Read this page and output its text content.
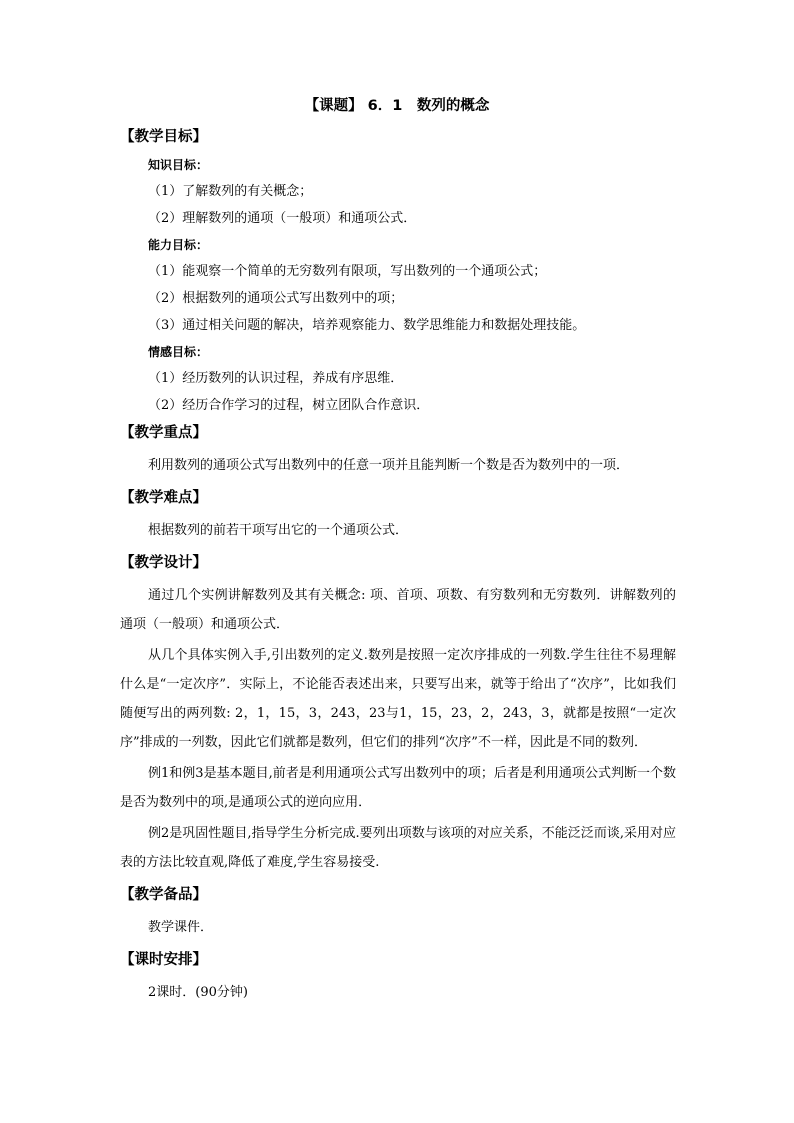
【课题】 6．1　数列的概念
【教学目标】
知识目标：
（1）了解数列的有关概念；
（2）理解数列的通项（一般项）和通项公式．
能力目标：
（1）能观察一个简单的无穷数列有限项，写出数列的一个通项公式；
（2）根据数列的通项公式写出数列中的项；
（3）通过相关问题的解决，培养观察能力、数学思维能力和数据处理技能。
情感目标：
（1）经历数列的认识过程，养成有序思维．
（2）经历合作学习的过程，树立团队合作意识．
【教学重点】
利用数列的通项公式写出数列中的任意一项并且能判断一个数是否为数列中的一项．
【教学难点】
根据数列的前若干项写出它的一个通项公式．
【教学设计】
通过几个实例讲解数列及其有关概念: 项、首项、项数、有穷数列和无穷数列．讲解数列的通项（一般项）和通项公式．
从几个具体实例入手,引出数列的定义.数列是按照一定次序排成的一列数.学生往往不易理解什么是“一定次序”．实际上，不论能否表述出来，只要写出来，就等于给出了“次序”，比如我们随便写出的两列数: 2，1，15，3，243，23与1，15，23，2，243，3，就都是按照“一定次序”排成的一列数，因此它们就都是数列，但它们的排列“次序”不一样，因此是不同的数列．
例1和例3是基本题目,前者是利用通项公式写出数列中的项；后者是利用通项公式判断一个数是否为数列中的项,是通项公式的逆向应用．
例2是巩固性题目,指导学生分析完成.要列出项数与该项的对应关系，不能泛泛而谈,采用对应表的方法比较直观,降低了难度,学生容易接受.
【教学备品】
教学课件．
【课时安排】
2课时．(90分钟)
